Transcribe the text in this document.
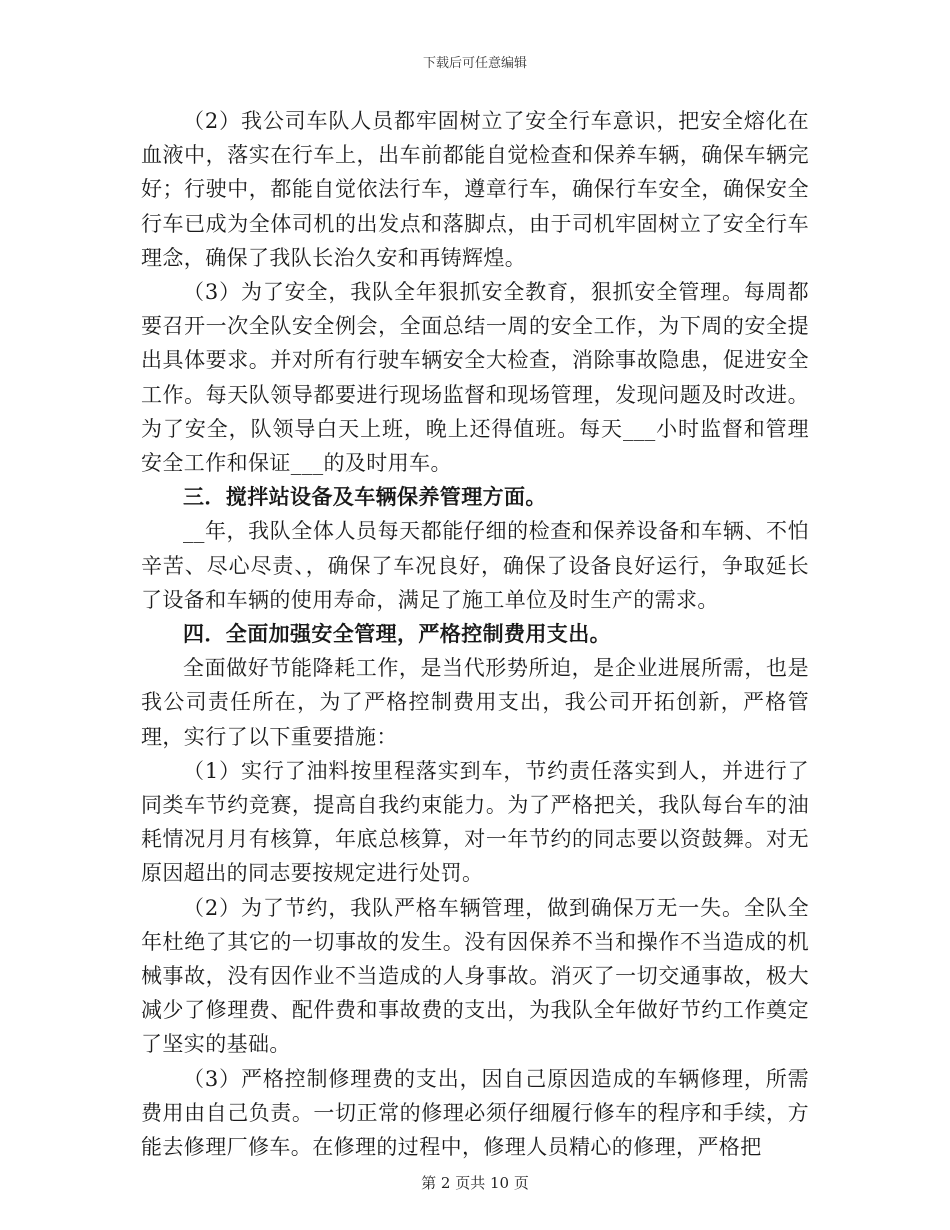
下载后可任意编辑

（2）我公司车队人员都牢固树立了安全行车意识，把安全熔化在血液中，落实在行车上，出车前都能自觉检查和保养车辆，确保车辆完好；行驶中，都能自觉依法行车，遵章行车，确保行车安全，确保安全行车已成为全体司机的出发点和落脚点，由于司机牢固树立了安全行车理念，确保了我队长治久安和再铸辉煌。

（3）为了安全，我队全年狠抓安全教育，狠抓安全管理。每周都要召开一次全队安全例会，全面总结一周的安全工作，为下周的安全提出具体要求。并对所有行驶车辆安全大检查，消除事故隐患，促进安全工作。每天队领导都要进行现场监督和现场管理，发现问题及时改进。为了安全，队领导白天上班，晚上还得值班。每天___小时监督和管理安全工作和保证___的及时用车。

三．搅拌站设备及车辆保养管理方面。

__年，我队全体人员每天都能仔细的检查和保养设备和车辆、不怕辛苦、尽心尽责、，确保了车况良好，确保了设备良好运行，争取延长了设备和车辆的使用寿命，满足了施工单位及时生产的需求。

四．全面加强安全管理，严格控制费用支出。

全面做好节能降耗工作，是当代形势所迫，是企业进展所需，也是我公司责任所在，为了严格控制费用支出，我公司开拓创新，严格管理，实行了以下重要措施：

（1）实行了油料按里程落实到车，节约责任落实到人，并进行了同类车节约竞赛，提高自我约束能力。为了严格把关，我队每台车的油耗情况月月有核算，年底总核算，对一年节约的同志要以资鼓舞。对无原因超出的同志要按规定进行处罚。

（2）为了节约，我队严格车辆管理，做到确保万无一失。全队全年杜绝了其它的一切事故的发生。没有因保养不当和操作不当造成的机械事故，没有因作业不当造成的人身事故。消灭了一切交通事故，极大减少了修理费、配件费和事故费的支出，为我队全年做好节约工作奠定了坚实的基础。

（3）严格控制修理费的支出，因自己原因造成的车辆修理，所需费用由自己负责。一切正常的修理必须仔细履行修车的程序和手续，方能去修理厂修车。在修理的过程中，修理人员精心的修理，严格把

第 2 页共 10 页
